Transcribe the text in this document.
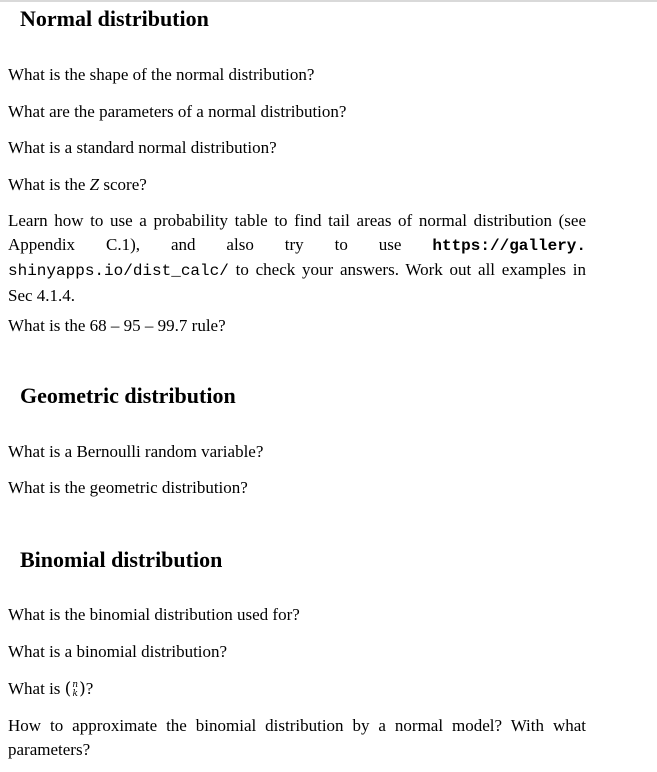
Normal distribution

What is the shape of the normal distribution?

What are the parameters of a normal distribution?

What is a standard normal distribution?

What is the Z score?

Learn how to use a probability table to find tail areas of normal distribution (see Appendix C.1), and also try to use https://gallery. shinyapps.io/dist_calc/ to check your answers. Work out all examples in Sec 4.1.4.

What is the 68 – 95 – 99.7 rule?

Geometric distribution

What is a Bernoulli random variable?

What is the geometric distribution?

Binomial distribution

What is the binomial distribution used for?

What is a binomial distribution?

What is ( n
k )?

How to approximate the binomial distribution by a normal model? With what parameters?
